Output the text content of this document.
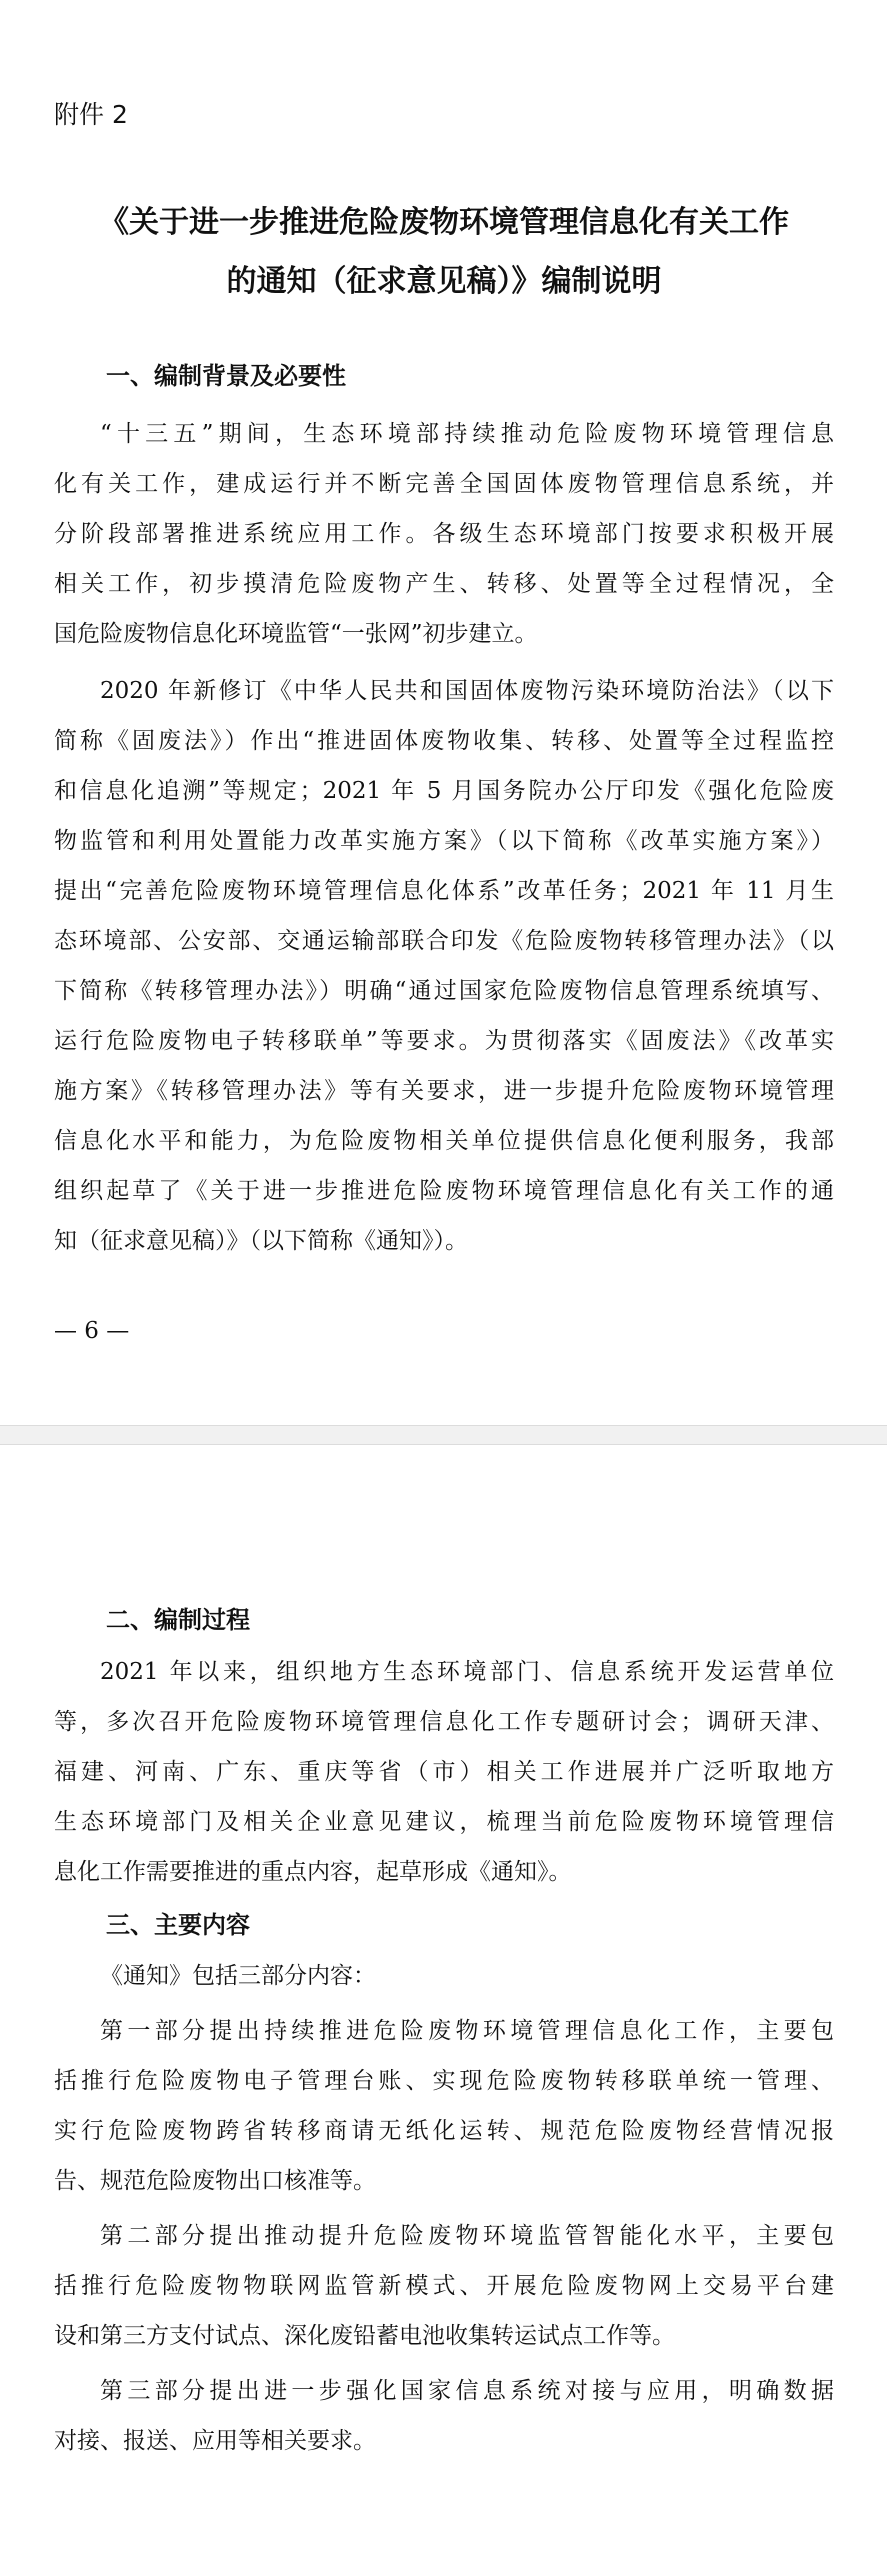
附件 2
《关于进一步推进危险废物环境管理信息化有关工作
的通知（征求意见稿）》编制说明
一、编制背景及必要性
“十三五”期间，生态环境部持续推动危险废物环境管理信息
化有关工作，建成运行并不断完善全国固体废物管理信息系统，并
分阶段部署推进系统应用工作。各级生态环境部门按要求积极开展
相关工作，初步摸清危险废物产生、转移、处置等全过程情况，全
国危险废物信息化环境监管“一张网”初步建立。
2020 年新修订《中华人民共和国固体废物污染环境防治法》（以下
简称《固废法》）作出“推进固体废物收集、转移、处置等全过程监控
和信息化追溯”等规定；2021 年 5 月国务院办公厅印发《强化危险废
物监管和利用处置能力改革实施方案》（以下简称《改革实施方案》）
提出“完善危险废物环境管理信息化体系”改革任务；2021 年 11 月生
态环境部、公安部、交通运输部联合印发《危险废物转移管理办法》（以
下简称《转移管理办法》）明确“通过国家危险废物信息管理系统填写、
运行危险废物电子转移联单”等要求。为贯彻落实《固废法》《改革实
施方案》《转移管理办法》等有关要求，进一步提升危险废物环境管理
信息化水平和能力，为危险废物相关单位提供信息化便利服务，我部
组织起草了《关于进一步推进危险废物环境管理信息化有关工作的通
知（征求意见稿）》（以下简称《通知》）。
— 6 —
二、编制过程
2021 年以来，组织地方生态环境部门、信息系统开发运营单位
等，多次召开危险废物环境管理信息化工作专题研讨会；调研天津、
福建、河南、广东、重庆等省（市）相关工作进展并广泛听取地方
生态环境部门及相关企业意见建议，梳理当前危险废物环境管理信
息化工作需要推进的重点内容，起草形成《通知》。
三、主要内容
《通知》包括三部分内容：
第一部分提出持续推进危险废物环境管理信息化工作，主要包
括推行危险废物电子管理台账、实现危险废物转移联单统一管理、
实行危险废物跨省转移商请无纸化运转、规范危险废物经营情况报
告、规范危险废物出口核准等。
第二部分提出推动提升危险废物环境监管智能化水平，主要包
括推行危险废物物联网监管新模式、开展危险废物网上交易平台建
设和第三方支付试点、深化废铅蓄电池收集转运试点工作等。
第三部分提出进一步强化国家信息系统对接与应用，明确数据
对接、报送、应用等相关要求。
